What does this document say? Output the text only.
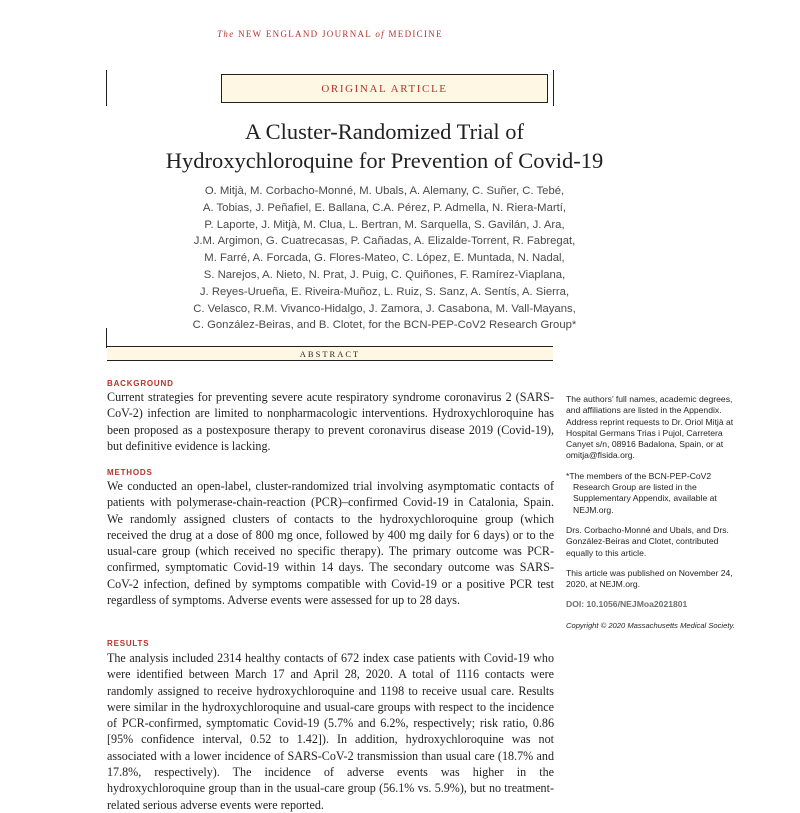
The NEW ENGLAND JOURNAL of MEDICINE
ORIGINAL ARTICLE
A Cluster-Randomized Trial of
Hydroxychloroquine for Prevention of Covid-19
O. Mitjà, M. Corbacho-Monné, M. Ubals, A. Alemany, C. Suñer, C. Tebé,
A. Tobias, J. Peñafiel, E. Ballana, C.A. Pérez, P. Admella, N. Riera-Martí,
P. Laporte, J. Mitjà, M. Clua, L. Bertran, M. Sarquella, S. Gavilán, J. Ara,
J.M. Argimon, G. Cuatrecasas, P. Cañadas, A. Elizalde-Torrent, R. Fabregat,
M. Farré, A. Forcada, G. Flores-Mateo, C. López, E. Muntada, N. Nadal,
S. Narejos, A. Nieto, N. Prat, J. Puig, C. Quiñones, F. Ramírez-Viaplana,
J. Reyes-Urueña, E. Riveira-Muñoz, L. Ruiz, S. Sanz, A. Sentís, A. Sierra,
C. Velasco, R.M. Vivanco-Hidalgo, J. Zamora, J. Casabona, M. Vall-Mayans,
C. González-Beiras, and B. Clotet, for the BCN-PEP-CoV2 Research Group*
ABSTRACT
BACKGROUND
Current strategies for preventing severe acute respiratory syndrome coronavirus 2 (SARS-CoV-2) infection are limited to nonpharmacologic interventions. Hydroxychloroquine has been proposed as a postexposure therapy to prevent coronavirus disease 2019 (Covid-19), but definitive evidence is lacking.
METHODS
We conducted an open-label, cluster-randomized trial involving asymptomatic contacts of patients with polymerase-chain-reaction (PCR)–confirmed Covid-19 in Catalonia, Spain. We randomly assigned clusters of contacts to the hydroxychloroquine group (which received the drug at a dose of 800 mg once, followed by 400 mg daily for 6 days) or to the usual-care group (which received no specific therapy). The primary outcome was PCR-confirmed, symptomatic Covid-19 within 14 days. The secondary outcome was SARS-CoV-2 infection, defined by symptoms compatible with Covid-19 or a positive PCR test regardless of symptoms. Adverse events were assessed for up to 28 days.
RESULTS
The analysis included 2314 healthy contacts of 672 index case patients with Covid-19 who were identified between March 17 and April 28, 2020. A total of 1116 contacts were randomly assigned to receive hydroxychloroquine and 1198 to receive usual care. Results were similar in the hydroxychloroquine and usual-care groups with respect to the incidence of PCR-confirmed, symptomatic Covid-19 (5.7% and 6.2%, respectively; risk ratio, 0.86 [95% confidence interval, 0.52 to 1.42]). In addition, hydroxychloroquine was not associated with a lower incidence of SARS-CoV-2 transmission than usual care (18.7% and 17.8%, respectively). The incidence of adverse events was higher in the hydroxychloroquine group than in the usual-care group (56.1% vs. 5.9%), but no treatment-related serious adverse events were reported.

The authors’ full names, academic degrees, and affiliations are listed in the Appendix. Address reprint requests to Dr. Oriol Mitjà at Hospital Germans Trias i Pujol, Carretera Canyet s/n, 08916 Badalona, Spain, or at omitja@flsida.org.

*The members of the BCN-PEP-CoV2 Research Group are listed in the Supplementary Appendix, available at NEJM.org.

Drs. Corbacho-Monné and Ubals, and Drs. González-Beiras and Clotet, contributed equally to this article.

This article was published on November 24, 2020, at NEJM.org.

DOI: 10.1056/NEJMoa2021801

Copyright © 2020 Massachusetts Medical Society.
